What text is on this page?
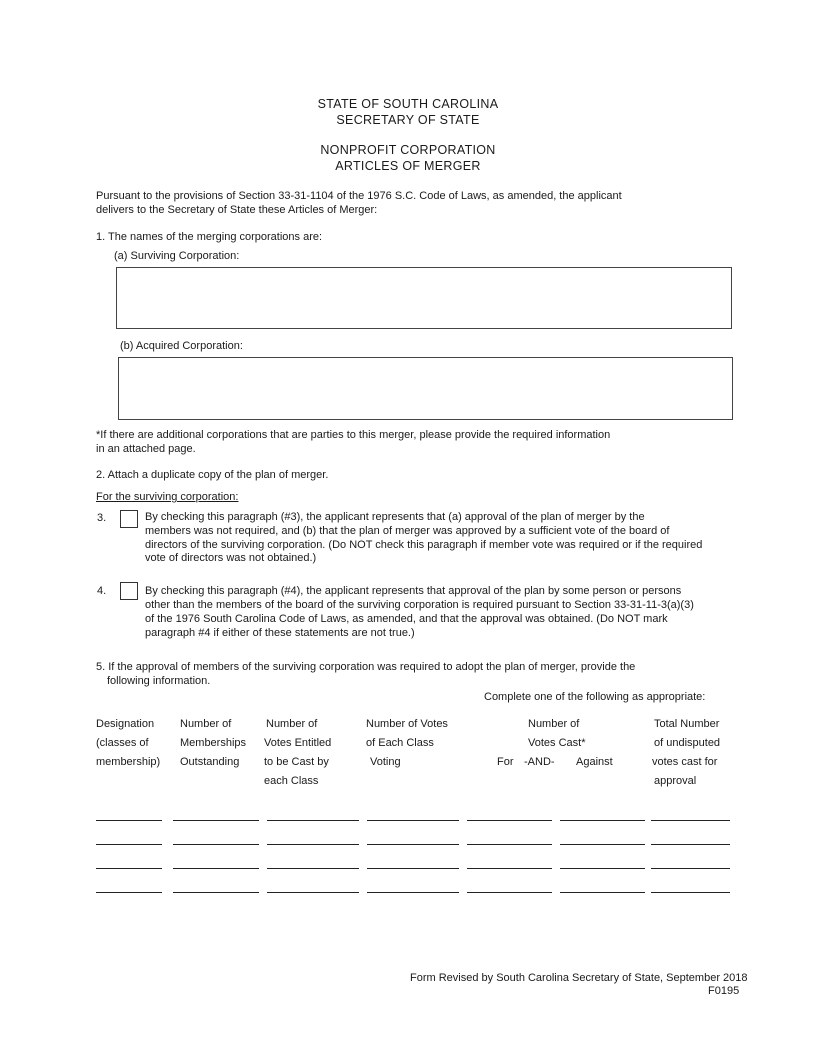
STATE OF SOUTH CAROLINA
SECRETARY OF STATE
NONPROFIT CORPORATION
ARTICLES OF MERGER
Pursuant to the provisions of Section 33-31-1104 of the 1976 S.C. Code of Laws, as amended, the applicant
delivers to the Secretary of State these Articles of Merger:
1. The names of the merging corporations are:
(a) Surviving Corporation:
(b) Acquired Corporation:
*If there are additional corporations that are parties to this merger, please provide the required information
in an attached page.
2. Attach a duplicate copy of the plan of merger.
For the surviving corporation:
3.	By checking this paragraph (#3), the applicant represents that (a) approval of the plan of merger by the
members was not required, and (b) that the plan of merger was approved by a sufficient vote of the board of
directors of the surviving corporation. (Do NOT check this paragraph if member vote was required or if the required
vote of directors was not obtained.)
4.	By checking this paragraph (#4), the applicant represents that approval of the plan by some person or persons
other than the members of the board of the surviving corporation is required pursuant to Section 33-31-11-3(a)(3)
of the 1976 South Carolina Code of Laws, as amended, and that the approval was obtained. (Do NOT mark
paragraph #4 if either of these statements are not true.)
5. If the approval of members of the surviving corporation was required to adopt the plan of merger, provide the
following information.
Complete one of the following as appropriate:
Designation
(classes of
membership)
Number of
Memberships
Outstanding
Number of
Votes Entitled
to be Cast by
each Class
Number of Votes
of Each Class
Voting
Number of
Votes Cast*
For -AND- Against
Total Number
of undisputed
votes cast for
approval
Form Revised by South Carolina Secretary of State, September 2018
F0195
